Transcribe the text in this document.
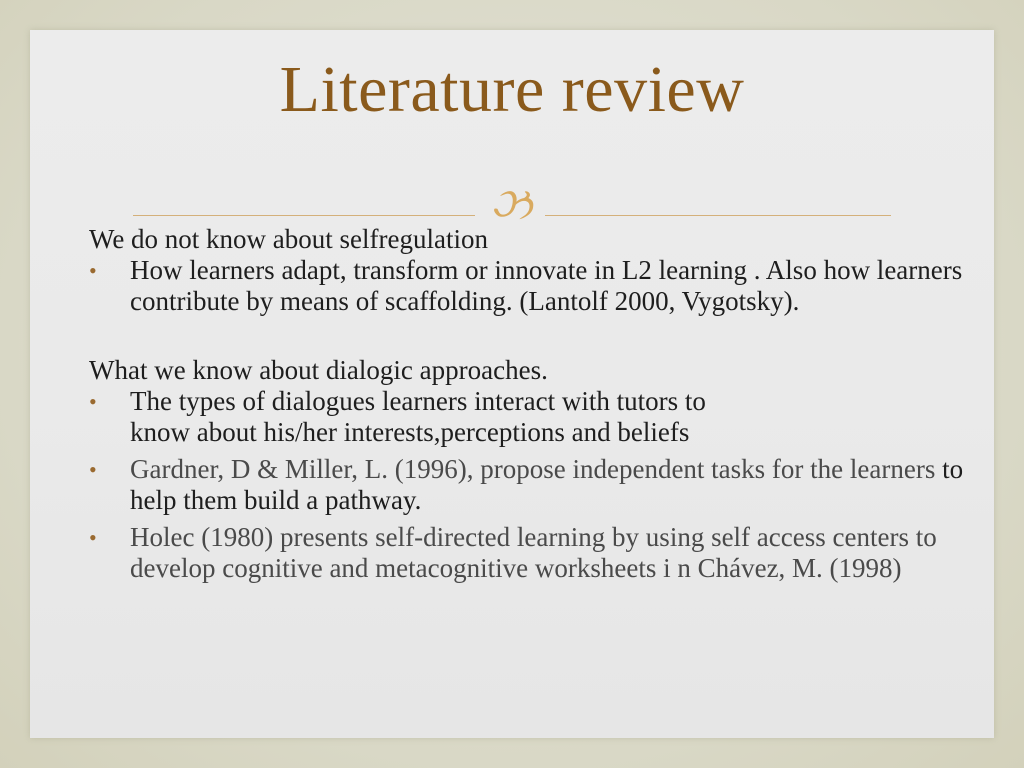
Literature review
ઝ

We do not know about selfregulation

• How learners adapt, transform or innovate in L2 learning . Also how learners contribute by means of scaffolding. (Lantolf 2000, Vygotsky).

What we know about dialogic approaches.

• The types of dialogues learners interact with tutors to
know about his/her interests,perceptions and beliefs

• Gardner, D & Miller, L. (1996), propose independent tasks for the learners to help them build a pathway.

• Holec (1980) presents self-directed learning by using self access centers to develop cognitive and metacognitive worksheets i n Chávez, M. (1998)
